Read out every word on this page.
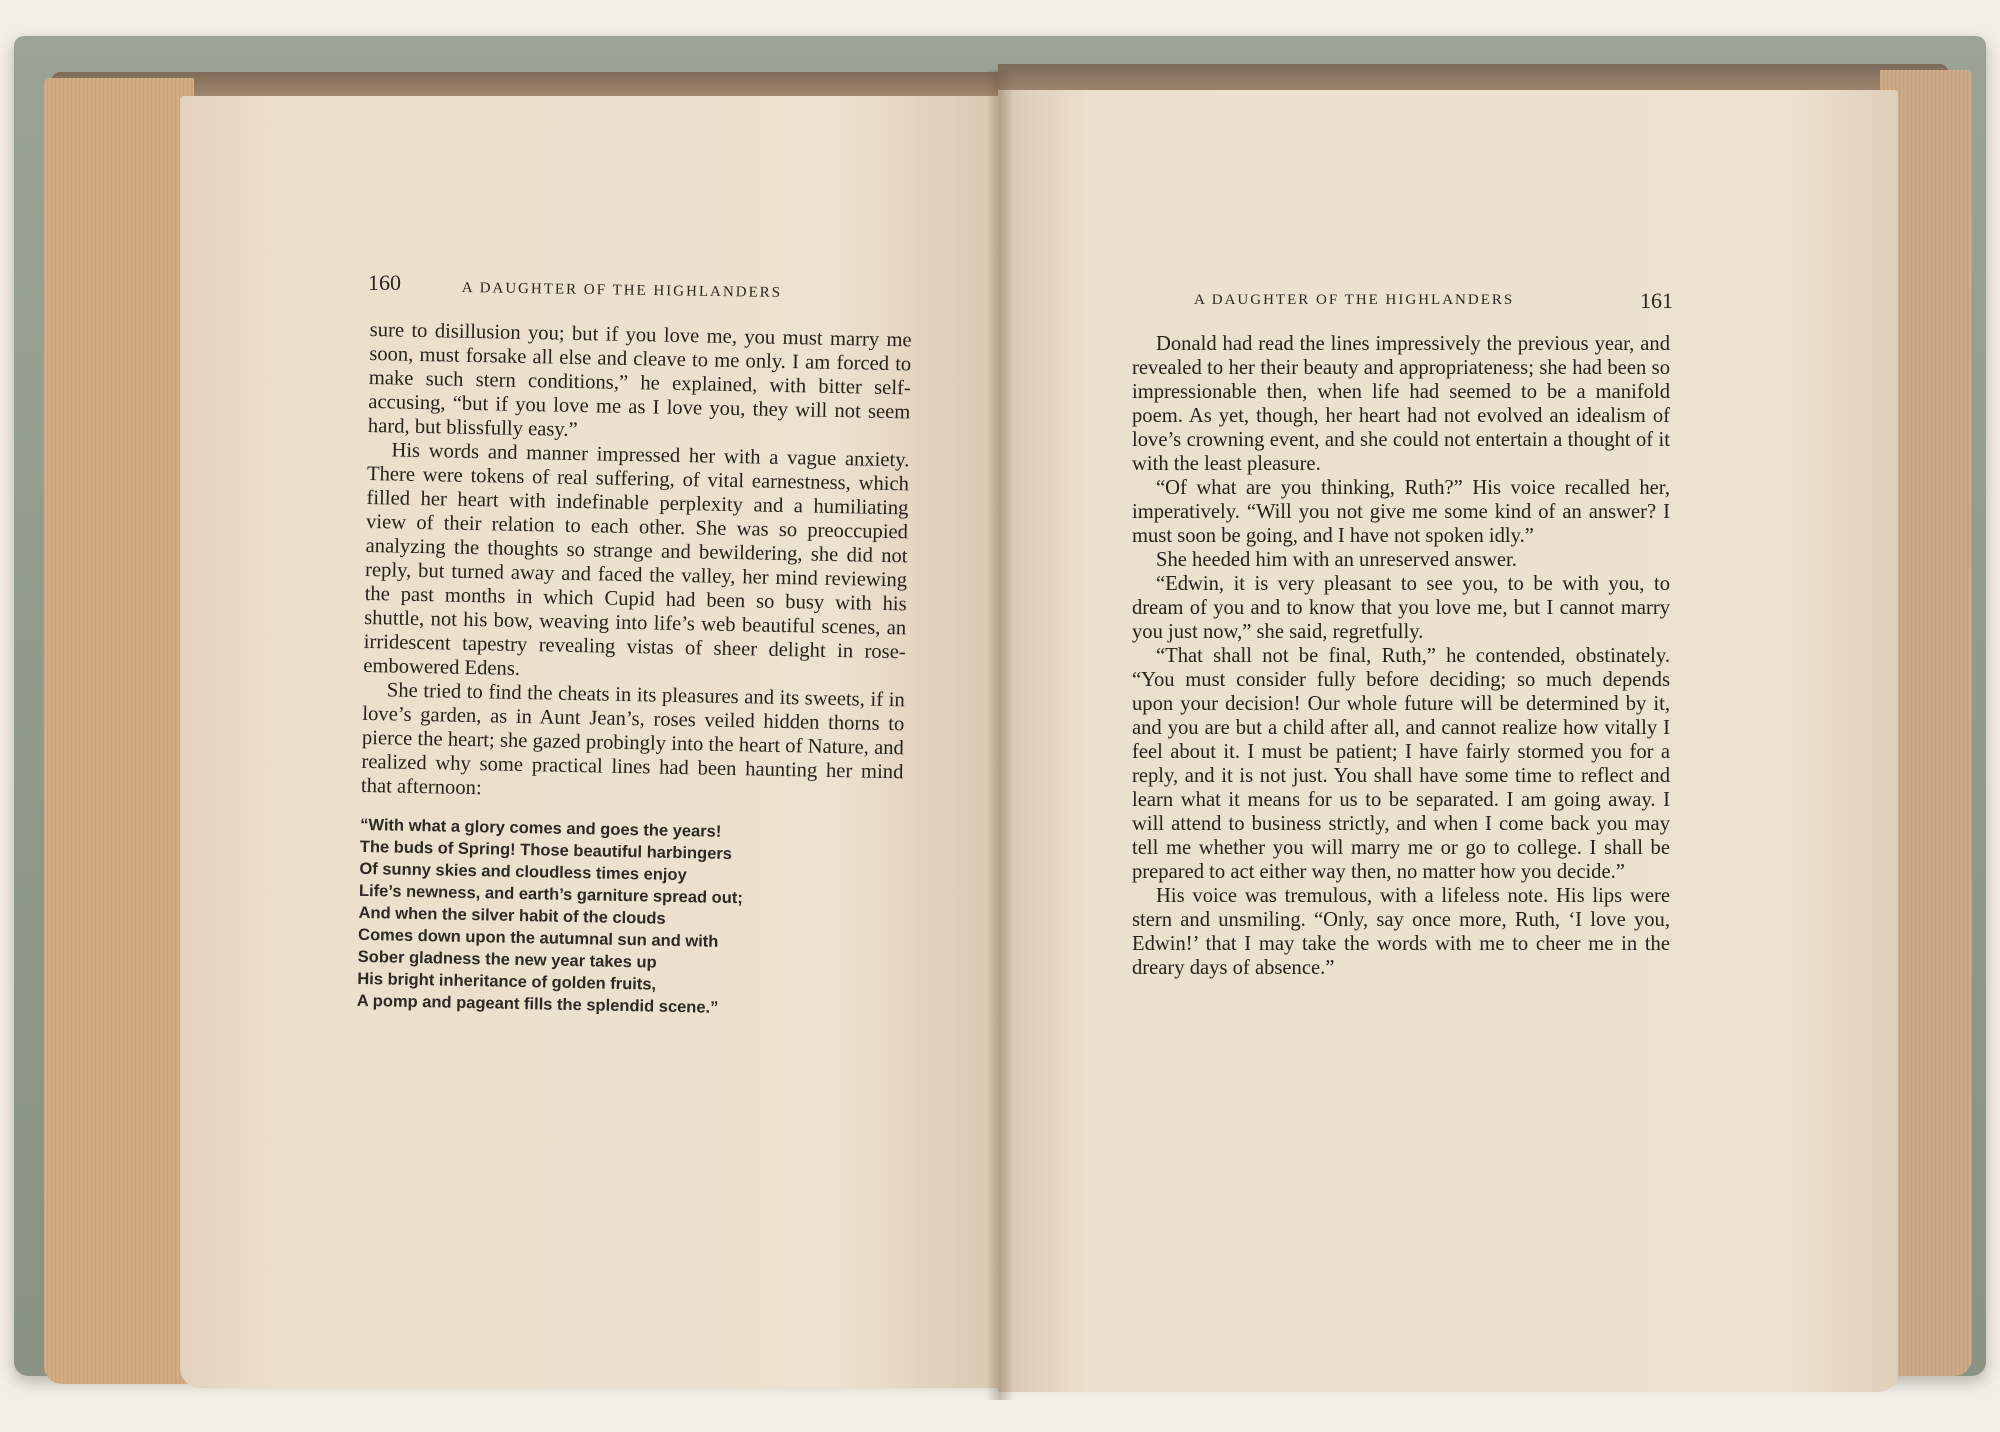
160	A DAUGHTER OF THE HIGHLANDERS	A DAUGHTER OF THE HIGHLANDERS	161

sure to disillusion you; but if you love me, you must marry me soon, must forsake all else and cleave to me only. I am forced to make such stern conditions,” he explained, with bitter self-accusing, “but if you love me as I love you, they will not seem hard, but blissfully easy.”

His words and manner impressed her with a vague anxiety. There were tokens of real suffering, of vital earnestness, which filled her heart with indefinable perplexity and a humiliating view of their relation to each other. She was so preoccupied analyzing the thoughts so strange and bewildering, she did not reply, but turned away and faced the valley, her mind reviewing the past months in which Cupid had been so busy with his shuttle, not his bow, weaving into life’s web beautiful scenes, an irridescent tapestry revealing vistas of sheer delight in rose-embowered Edens.

She tried to find the cheats in its pleasures and its sweets, if in love’s garden, as in Aunt Jean’s, roses veiled hidden thorns to pierce the heart; she gazed probingly into the heart of Nature, and realized why some practical lines had been haunting her mind that afternoon:

“With what a glory comes and goes the years!
The buds of Spring! Those beautiful harbingers
Of sunny skies and cloudless times enjoy
Life’s newness, and earth’s garniture spread out;
And when the silver habit of the clouds
Comes down upon the autumnal sun and with
Sober gladness the new year takes up
His bright inheritance of golden fruits,
A pomp and pageant fills the splendid scene.”

Donald had read the lines impressively the previous year, and revealed to her their beauty and appropriateness; she had been so impressionable then, when life had seemed to be a manifold poem. As yet, though, her heart had not evolved an idealism of love’s crowning event, and she could not entertain a thought of it with the least pleasure.

“Of what are you thinking, Ruth?” His voice recalled her, imperatively. “Will you not give me some kind of an answer? I must soon be going, and I have not spoken idly.”

She heeded him with an unreserved answer.

“Edwin, it is very pleasant to see you, to be with you, to dream of you and to know that you love me, but I cannot marry you just now,” she said, regretfully.

“That shall not be final, Ruth,” he contended, obstinately. “You must consider fully before deciding; so much depends upon your decision! Our whole future will be determined by it, and you are but a child after all, and cannot realize how vitally I feel about it. I must be patient; I have fairly stormed you for a reply, and it is not just. You shall have some time to reflect and learn what it means for us to be separated. I am going away. I will attend to business strictly, and when I come back you may tell me whether you will marry me or go to college. I shall be prepared to act either way then, no matter how you decide.”

His voice was tremulous, with a lifeless note. His lips were stern and unsmiling. “Only, say once more, Ruth, ‘I love you, Edwin!’ that I may take the words with me to cheer me in the dreary days of absence.”
